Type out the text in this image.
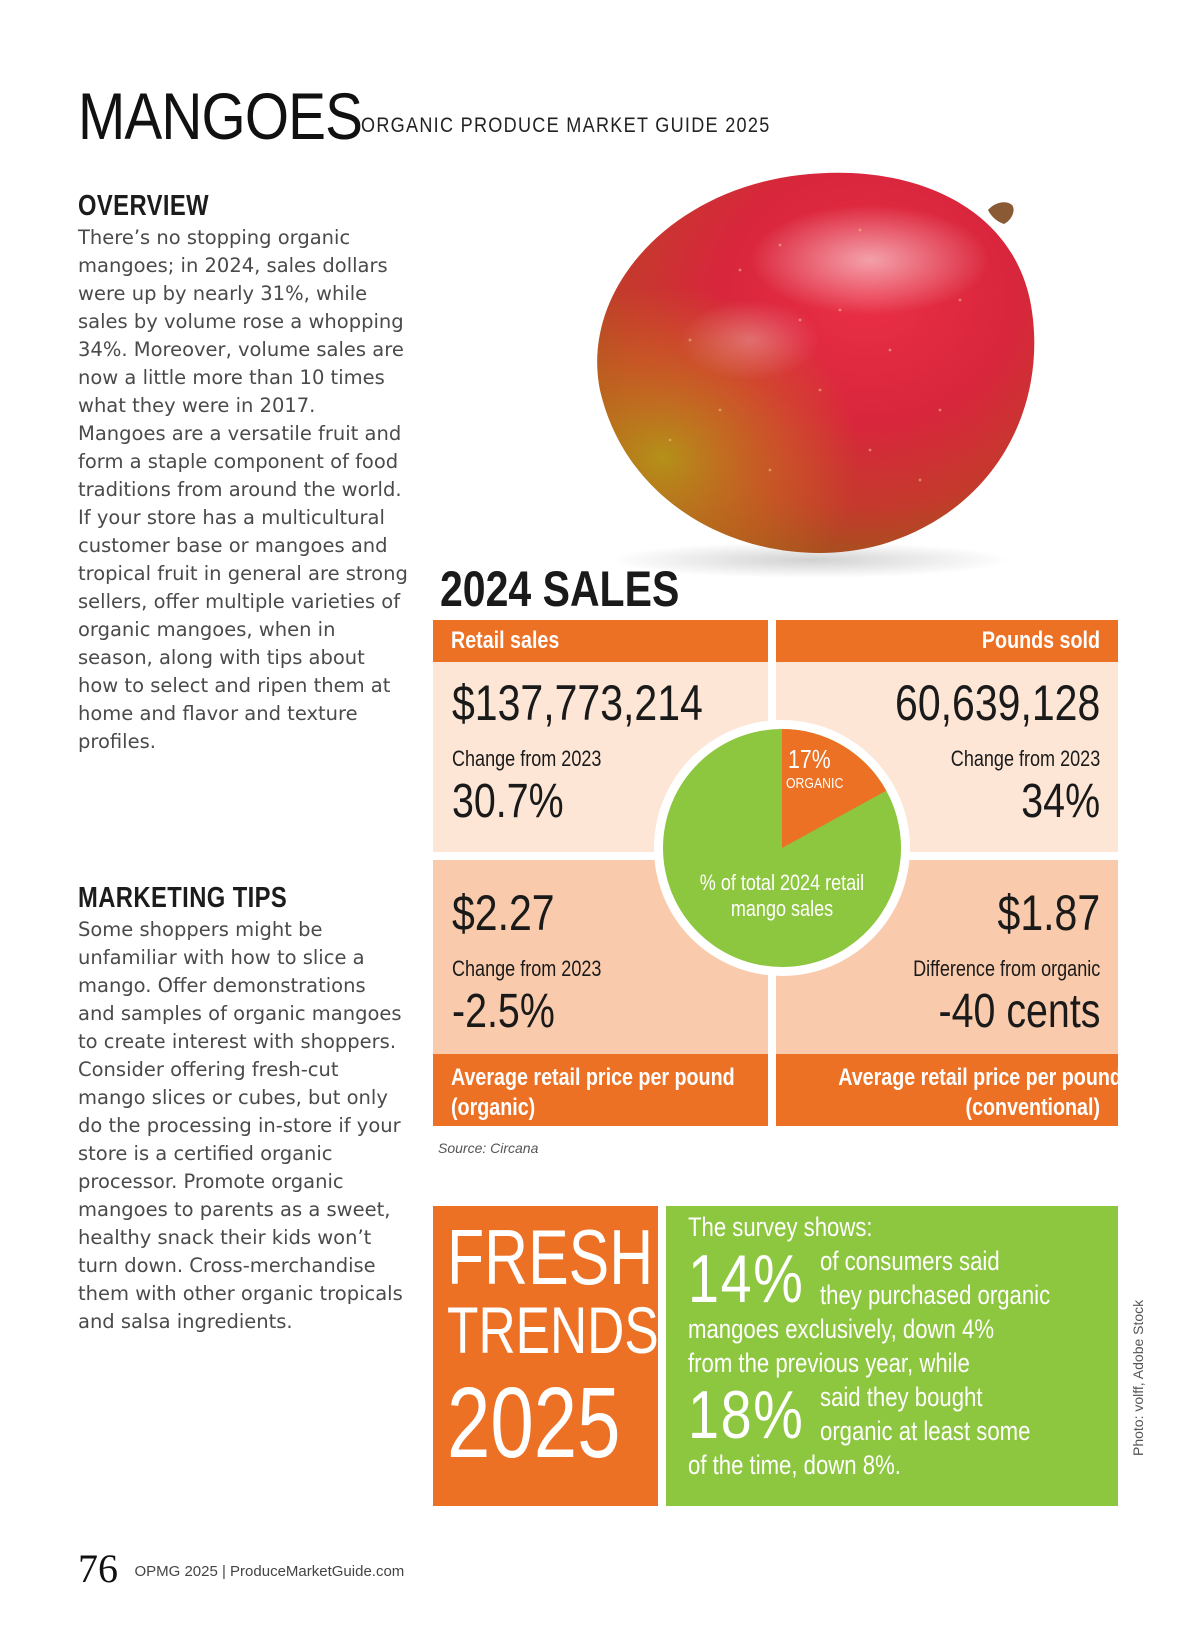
MANGOES
ORGANIC PRODUCE MARKET GUIDE 2025
OVERVIEW
There’s no stopping organic mangoes; in 2024, sales dollars were up by nearly 31%, while sales by volume rose a whopping 34%. Moreover, volume sales are now a little more than 10 times what they were in 2017. Mangoes are a versatile fruit and form a staple component of food traditions from around the world. If your store has a multicultural customer base or mangoes and tropical fruit in general are strong sellers, offer multiple varieties of organic mangoes, when in season, along with tips about how to select and ripen them at home and flavor and texture profiles.
MARKETING TIPS
Some shoppers might be unfamiliar with how to slice a mango. Offer demonstrations and samples of organic mangoes to create interest with shoppers. Consider offering fresh-cut mango slices or cubes, but only do the processing in-store if your store is a certified organic processor. Promote organic mangoes to parents as a sweet, healthy snack their kids won’t turn down. Cross-merchandise them with other organic tropicals and salsa ingredients.
2024 SALES
Retail sales	Pounds sold
Average retail price per pound
(organic)
Average retail price per pound
(conventional)
$137,773,214
Change from 2023
30.7%
60,639,128
Change from 2023
34%
$2.27
Change from 2023
-2.5%
$1.87
Difference from organic
-40 cents
17%
ORGANIC
% of total 2024 retail
mango sales
Source: Circana
FRESH
TRENDS
2025
The survey shows:
14% of consumers said
they purchased organic
mangoes exclusively, down 4%
from the previous year, while
18% said they bought
organic at least some
of the time, down 8%.
Photo: volff, Adobe Stock
76 OPMG 2025 | ProduceMarketGuide.com
